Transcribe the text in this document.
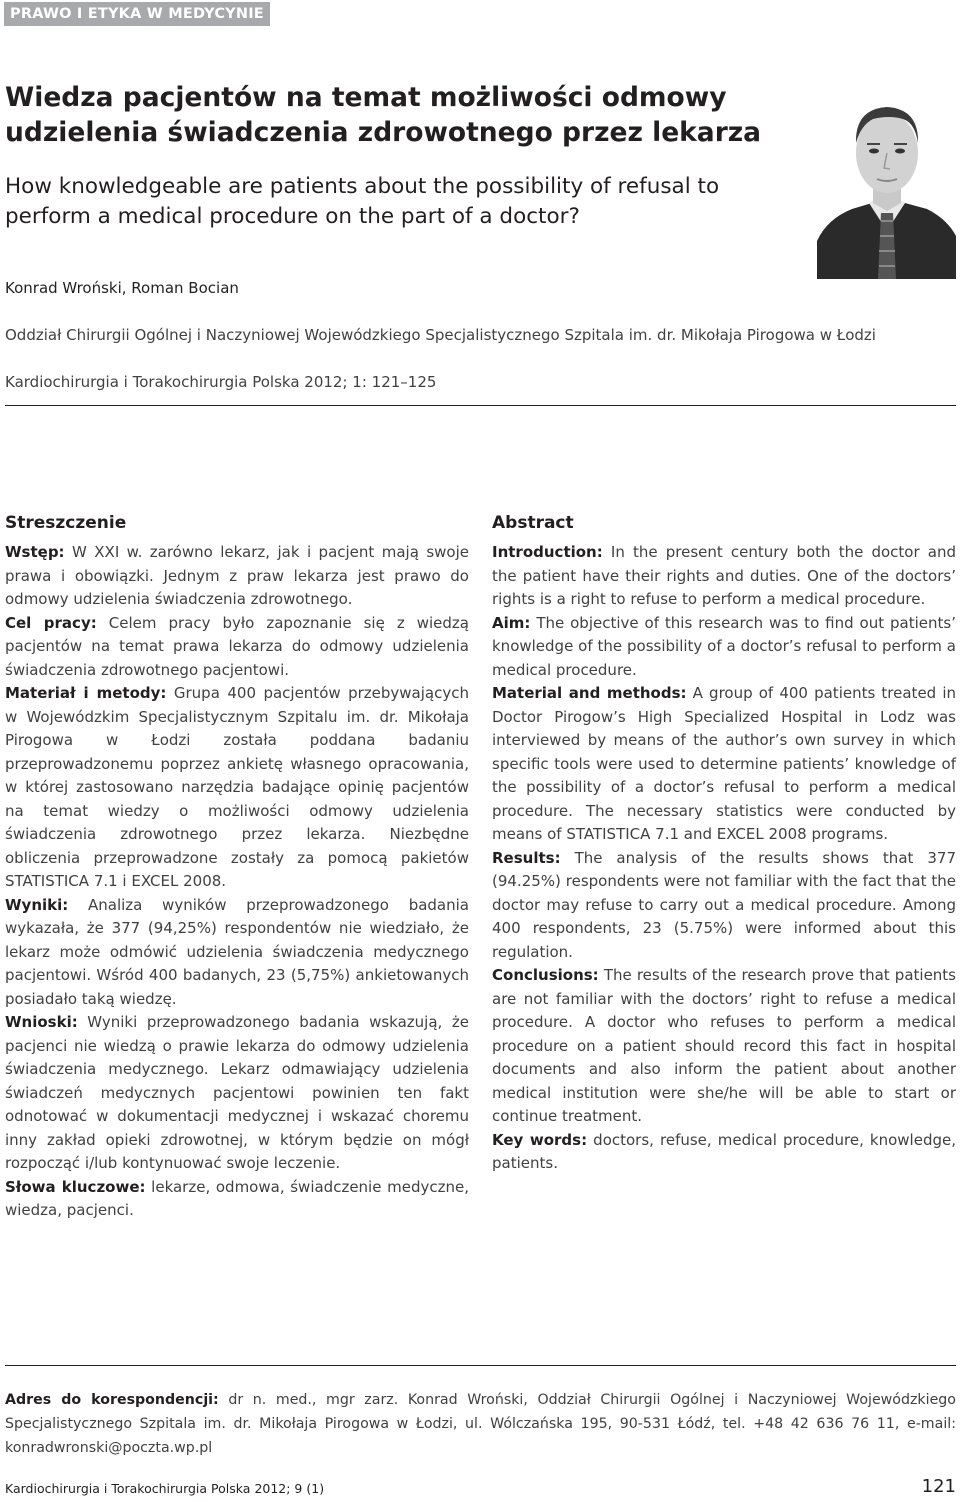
PRAWO I ETYKA W MEDYCYNIE
Wiedza pacjentów na temat możliwości odmowy udzielenia świadczenia zdrowotnego przez lekarza
How knowledgeable are patients about the possibility of refusal to perform a medical procedure on the part of a doctor?
Konrad Wroński, Roman Bocian
Oddział Chirurgii Ogólnej i Naczyniowej Wojewódzkiego Specjalistycznego Szpitala im. dr. Mikołaja Pirogowa w Łodzi
Kardiochirurgia i Torakochirurgia Polska 2012; 1: 121–125
Streszczenie

Wstęp: W XXI w. zarówno lekarz, jak i pacjent mają swoje prawa i obowiązki. Jednym z praw lekarza jest prawo do odmowy udzielenia świadczenia zdrowotnego.

Cel pracy: Celem pracy było zapoznanie się z wiedzą pacjentów na temat prawa lekarza do odmowy udzielenia świadczenia zdrowotnego pacjentowi.

Materiał i metody: Grupa 400 pacjentów przebywających w Wojewódzkim Specjalistycznym Szpitalu im. dr. Mikołaja Pirogowa w Łodzi została poddana badaniu przeprowadzonemu poprzez ankietę własnego opracowania, w której zastosowano narzędzia badające opinię pacjentów na temat wiedzy o możliwości odmowy udzielenia świadczenia zdrowotnego przez lekarza. Niezbędne obliczenia przeprowadzone zostały za pomocą pakietów STATISTICA 7.1 i EXCEL 2008.

Wyniki: Analiza wyników przeprowadzonego badania wykazała, że 377 (94,25%) respondentów nie wiedziało, że lekarz może odmówić udzielenia świadczenia medycznego pacjentowi. Wśród 400 badanych, 23 (5,75%) ankietowanych posiadało taką wiedzę.

Wnioski: Wyniki przeprowadzonego badania wskazują, że pacjenci nie wiedzą o prawie lekarza do odmowy udzielenia świadczenia medycznego. Lekarz odmawiający udzielenia świadczeń medycznych pacjentowi powinien ten fakt odnotować w dokumentacji medycznej i wskazać choremu inny zakład opieki zdrowotnej, w którym będzie on mógł rozpocząć i/lub kontynuować swoje leczenie.

Słowa kluczowe: lekarze, odmowa, świadczenie medyczne, wiedza, pacjenci.

Abstract

Introduction: In the present century both the doctor and the patient have their rights and duties. One of the doctors’ rights is a right to refuse to perform a medical procedure.

Aim: The objective of this research was to find out patients’ knowledge of the possibility of a doctor’s refusal to perform a medical procedure.

Material and methods: A group of 400 patients treated in Doctor Pirogow’s High Specialized Hospital in Lodz was interviewed by means of the author’s own survey in which specific tools were used to determine patients’ knowledge of the possibility of a doctor’s refusal to perform a medical procedure. The necessary statistics were conducted by means of STATISTICA 7.1 and EXCEL 2008 programs.

Results: The analysis of the results shows that 377 (94.25%) respondents were not familiar with the fact that the doctor may refuse to carry out a medical procedure. Among 400 respondents, 23 (5.75%) were informed about this regulation.

Conclusions: The results of the research prove that patients are not familiar with the doctors’ right to refuse a medical procedure. A doctor who refuses to perform a medical procedure on a patient should record this fact in hospital documents and also inform the patient about another medical institution were she/he will be able to start or continue treatment.

Key words: doctors, refuse, medical procedure, knowledge, patients.

Adres do korespondencji: dr n. med., mgr zarz. Konrad Wroński, Oddział Chirurgii Ogólnej i Naczyniowej Wojewódzkiego Specjalistycznego Szpitala im. dr. Mikołaja Pirogowa w Łodzi, ul. Wólczańska 195, 90-531 Łódź, tel. +48 42 636 76 11, e-mail: konradwronski@poczta.wp.pl
Kardiochirurgia i Torakochirurgia Polska 2012; 9 (1)	121
